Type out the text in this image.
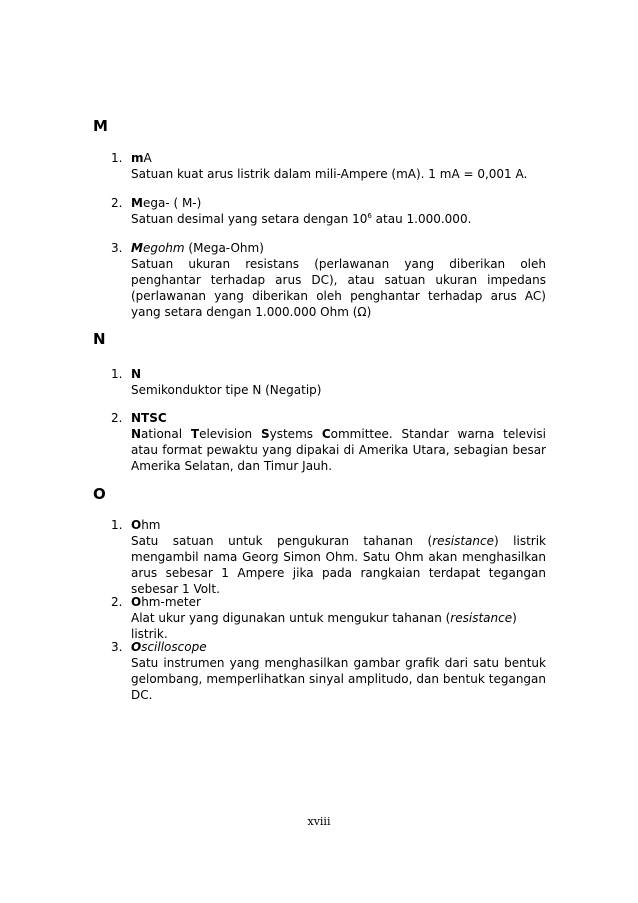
M
1. mA
Satuan kuat arus listrik dalam mili-Ampere (mA). 1 mA = 0,001 A.
2. Mega- ( M-)
Satuan desimal yang setara dengan $10^6$ atau 1.000.000.
3. Megohm (Mega-Ohm)
Satuan ukuran resistans (perlawanan yang diberikan oleh penghantar terhadap arus DC), atau satuan ukuran impedans (perlawanan yang diberikan oleh penghantar terhadap arus AC) yang setara dengan 1.000.000 Ohm (Ω)
N
1. N
Semikonduktor tipe N (Negatip)
2. NTSC
National Television Systems Committee. Standar warna televisi atau format pewaktu yang dipakai di Amerika Utara, sebagian besar Amerika Selatan, dan Timur Jauh.
O
1. Ohm
Satu satuan untuk pengukuran tahanan (resistance) listrik mengambil nama Georg Simon Ohm. Satu Ohm akan menghasilkan arus sebesar 1 Ampere jika pada rangkaian terdapat tegangan sebesar 1 Volt.
2. Ohm-meter
Alat ukur yang digunakan untuk mengukur tahanan (resistance) listrik.
3. Oscilloscope
Satu instrumen yang menghasilkan gambar grafik dari satu bentuk gelombang, memperlihatkan sinyal amplitudo, dan bentuk tegangan DC.
xviii
